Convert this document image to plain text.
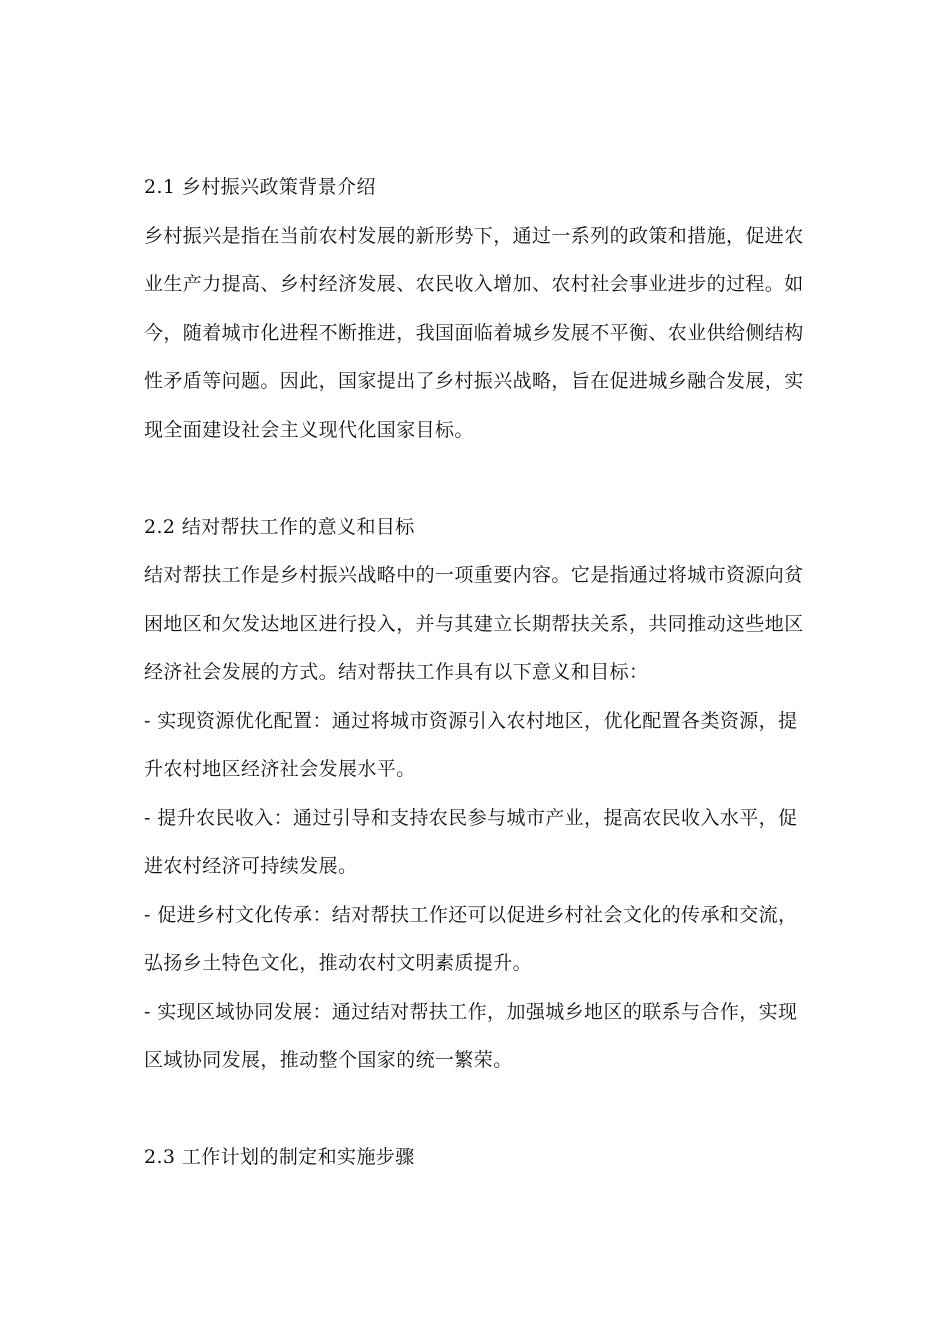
2.1 乡村振兴政策背景介绍

乡村振兴是指在当前农村发展的新形势下，通过一系列的政策和措施，促进农业生产力提高、乡村经济发展、农民收入增加、农村社会事业进步的过程。如今，随着城市化进程不断推进，我国面临着城乡发展不平衡、农业供给侧结构性矛盾等问题。因此，国家提出了乡村振兴战略，旨在促进城乡融合发展，实现全面建设社会主义现代化国家目标。

2.2 结对帮扶工作的意义和目标

结对帮扶工作是乡村振兴战略中的一项重要内容。它是指通过将城市资源向贫困地区和欠发达地区进行投入，并与其建立长期帮扶关系，共同推动这些地区经济社会发展的方式。结对帮扶工作具有以下意义和目标：

- 实现资源优化配置：通过将城市资源引入农村地区，优化配置各类资源，提升农村地区经济社会发展水平。

- 提升农民收入：通过引导和支持农民参与城市产业，提高农民收入水平，促进农村经济可持续发展。

- 促进乡村文化传承：结对帮扶工作还可以促进乡村社会文化的传承和交流，弘扬乡土特色文化，推动农村文明素质提升。

- 实现区域协同发展：通过结对帮扶工作，加强城乡地区的联系与合作，实现区域协同发展，推动整个国家的统一繁荣。

2.3 工作计划的制定和实施步骤
